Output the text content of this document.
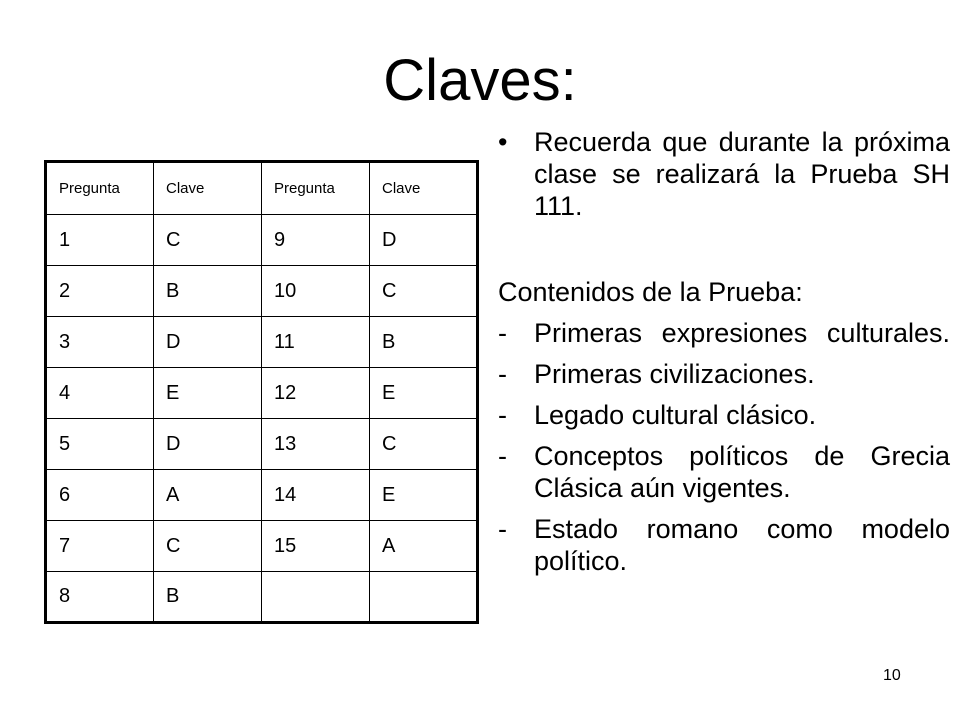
Claves:
Pregunta	Clave	Pregunta	Clave
1	C	9	D
2	B	10	C
3	D	11	B
4	E	12	E
5	D	13	C
6	A	14	E
7	C	15	A
8	B		
• Recuerda que durante la próxima clase se realizará la Prueba SH 111.
Contenidos de la Prueba:
-	Primeras expresiones culturales.
-	Primeras civilizaciones.
-	Legado cultural clásico.
-	Conceptos políticos de Grecia Clásica aún vigentes.
-	Estado romano como modelo político.
10
